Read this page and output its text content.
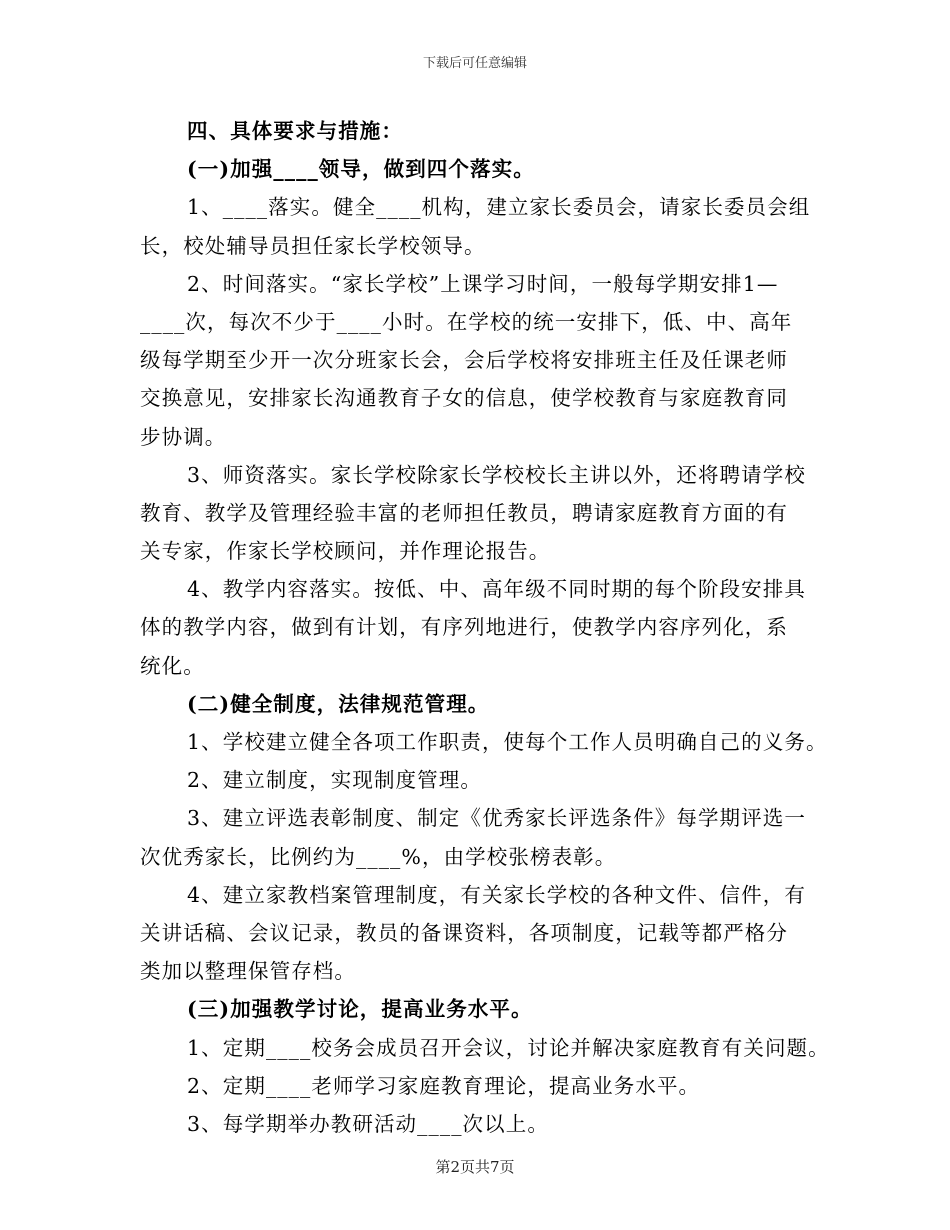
下载后可任意编辑
四、具体要求与措施：
(一)加强____领导，做到四个落实。
1、____落实。健全____机构，建立家长委员会，请家长委员会组
长，校处辅导员担任家长学校领导。
2、时间落实。“家长学校”上课学习时间，一般每学期安排1—
____次，每次不少于____小时。在学校的统一安排下，低、中、高年
级每学期至少开一次分班家长会，会后学校将安排班主任及任课老师
交换意见，安排家长沟通教育子女的信息，使学校教育与家庭教育同
步协调。
3、师资落实。家长学校除家长学校校长主讲以外，还将聘请学校
教育、教学及管理经验丰富的老师担任教员，聘请家庭教育方面的有
关专家，作家长学校顾问，并作理论报告。
4、教学内容落实。按低、中、高年级不同时期的每个阶段安排具
体的教学内容，做到有计划，有序列地进行，使教学内容序列化，系
统化。
(二)健全制度，法律规范管理。
1、学校建立健全各项工作职责，使每个工作人员明确自己的义务。
2、建立制度，实现制度管理。
3、建立评选表彰制度、制定《优秀家长评选条件》每学期评选一
次优秀家长，比例约为____%，由学校张榜表彰。
4、建立家教档案管理制度，有关家长学校的各种文件、信件，有
关讲话稿、会议记录，教员的备课资料，各项制度，记载等都严格分
类加以整理保管存档。
(三)加强教学讨论，提高业务水平。
1、定期____校务会成员召开会议，讨论并解决家庭教育有关问题。
2、定期____老师学习家庭教育理论，提高业务水平。
3、每学期举办教研活动____次以上。
第2页共7页
